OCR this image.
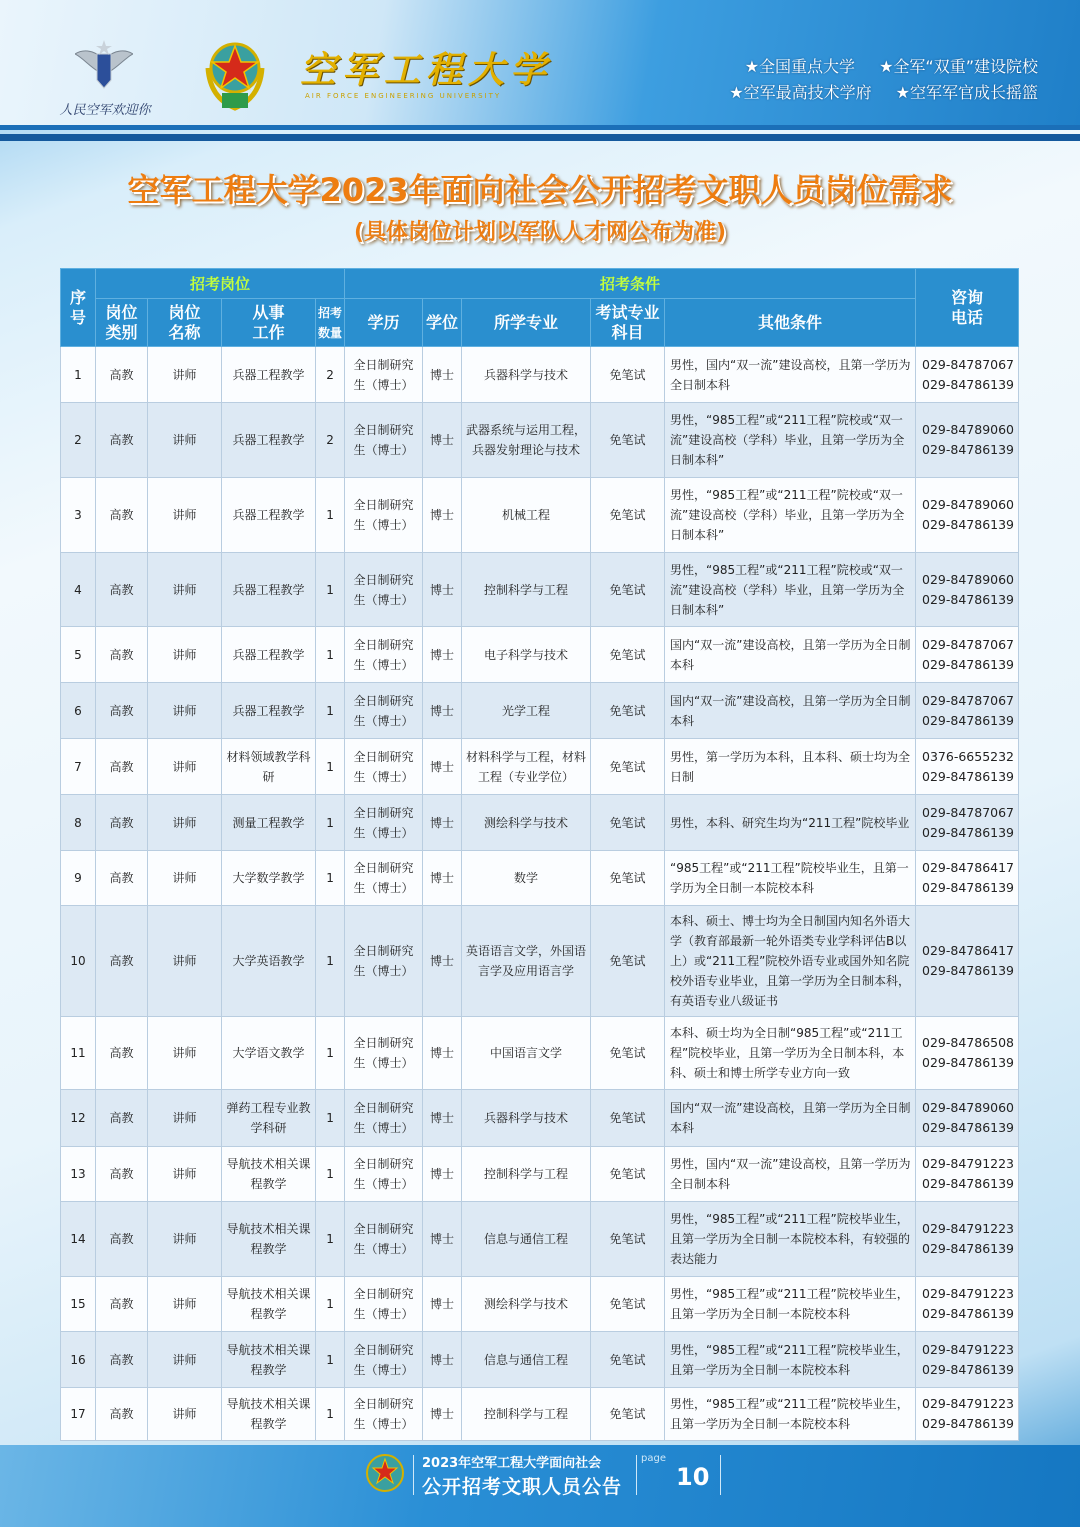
人民空军欢迎你
空军工程大学
AIR FORCE ENGINEERING UNIVERSITY
★全国重点大学 ★全军“双重”建设院校
★空军最高技术学府 ★空军军官成长摇篮
空军工程大学2023年面向社会公开招考文职人员岗位需求
(具体岗位计划以军队人才网公布为准)
序号	招考岗位				招考条件					咨询电话
	岗位类别	岗位名称	从事工作	招考数量	学历	学位	所学专业	考试专业科目	其他条件	
1	高教	讲师	兵器工程教学	2	全日制研究生（博士）	博士	兵器科学与技术	免笔试	男性，国内“双一流”建设高校，且第一学历为全日制本科	029-84787067
029-84786139

2	高教	讲师	兵器工程教学	2	全日制研究生（博士）	博士	武器系统与运用工程，兵器发射理论与技术	免笔试	男性，“985工程”或“211工程”院校或“双一流”建设高校（学科）毕业，且第一学历为全日制本科”	029-84789060
029-84786139

3	高教	讲师	兵器工程教学	1	全日制研究生（博士）	博士	机械工程	免笔试	男性，“985工程”或“211工程”院校或“双一流”建设高校（学科）毕业，且第一学历为全日制本科”	029-84789060
029-84786139

4	高教	讲师	兵器工程教学	1	全日制研究生（博士）	博士	控制科学与工程	免笔试	男性，“985工程”或“211工程”院校或“双一流”建设高校（学科）毕业，且第一学历为全日制本科”	029-84789060
029-84786139

5	高教	讲师	兵器工程教学	1	全日制研究生（博士）	博士	电子科学与技术	免笔试	国内“双一流”建设高校，且第一学历为全日制本科	029-84787067
029-84786139

6	高教	讲师	兵器工程教学	1	全日制研究生（博士）	博士	光学工程	免笔试	国内“双一流”建设高校，且第一学历为全日制本科	029-84787067
029-84786139

7	高教	讲师	材料领域教学科研	1	全日制研究生（博士）	博士	材料科学与工程，材料工程（专业学位）	免笔试	男性，第一学历为本科，且本科、硕士均为全日制	0376-6655232
029-84786139

8	高教	讲师	测量工程教学	1	全日制研究生（博士）	博士	测绘科学与技术	免笔试	男性，本科、研究生均为“211工程”院校毕业	029-84787067
029-84786139

9	高教	讲师	大学数学教学	1	全日制研究生（博士）	博士	数学	免笔试	“985工程”或“211工程”院校毕业生，且第一学历为全日制一本院校本科	029-84786417
029-84786139

10	高教	讲师	大学英语教学	1	全日制研究生（博士）	博士	英语语言文学，外国语言学及应用语言学	免笔试	本科、硕士、博士均为全日制国内知名外语大学（教育部最新一轮外语类专业学科评估B以上）或“211工程”院校外语专业或国外知名院校外语专业毕业，且第一学历为全日制本科，有英语专业八级证书	029-84786417
029-84786139

11	高教	讲师	大学语文教学	1	全日制研究生（博士）	博士	中国语言文学	免笔试	本科、硕士均为全日制“985工程”或“211工程”院校毕业，且第一学历为全日制本科，本科、硕士和博士所学专业方向一致	029-84786508
029-84786139

12	高教	讲师	弹药工程专业教学科研	1	全日制研究生（博士）	博士	兵器科学与技术	免笔试	国内“双一流”建设高校，且第一学历为全日制本科	029-84789060
029-84786139

13	高教	讲师	导航技术相关课程教学	1	全日制研究生（博士）	博士	控制科学与工程	免笔试	男性，国内“双一流”建设高校，且第一学历为全日制本科	029-84791223
029-84786139

14	高教	讲师	导航技术相关课程教学	1	全日制研究生（博士）	博士	信息与通信工程	免笔试	男性，“985工程”或“211工程”院校毕业生，且第一学历为全日制一本院校本科，有较强的表达能力	029-84791223
029-84786139

15	高教	讲师	导航技术相关课程教学	1	全日制研究生（博士）	博士	测绘科学与技术	免笔试	男性，“985工程”或“211工程”院校毕业生，且第一学历为全日制一本院校本科	029-84791223
029-84786139

16	高教	讲师	导航技术相关课程教学	1	全日制研究生（博士）	博士	信息与通信工程	免笔试	男性，“985工程”或“211工程”院校毕业生，且第一学历为全日制一本院校本科	029-84791223
029-84786139

17	高教	讲师	导航技术相关课程教学	1	全日制研究生（博士）	博士	控制科学与工程	免笔试	男性，“985工程”或“211工程”院校毕业生，且第一学历为全日制一本院校本科	029-84791223
029-84786139
2023年空军工程大学面向社会
公开招考文职人员公告
page
10
